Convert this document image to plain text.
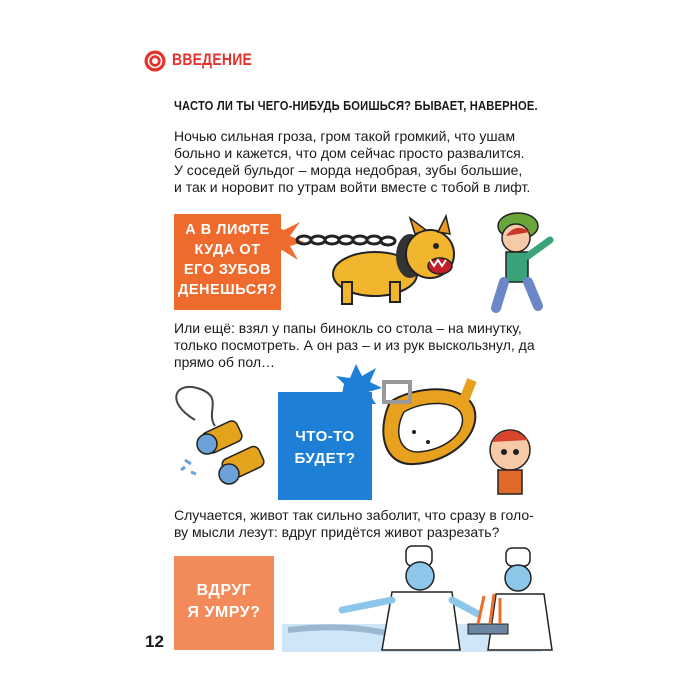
ВВЕДЕНИЕ
ЧАСТО ЛИ ТЫ ЧЕГО-НИБУДЬ БОИШЬСЯ? БЫВАЕТ, НАВЕРНОЕ.

Ночью сильная гроза, гром такой громкий, что ушам

больно и кажется, что дом сейчас просто развалится.

У соседей бульдог – морда недобрая, зубы большие,

и так и норовит по утрам войти вместе с тобой в лифт.

А В ЛИФТЕ
КУДА ОТ
ЕГО ЗУБОВ
ДЕНЕШЬСЯ?

Или ещё: взял у папы бинокль со стола – на минутку,

только посмотреть. А он раз – и из рук выскользнул, да

прямо об пол…

ЧТО-ТО
БУДЕТ?

Случается, живот так сильно заболит, что сразу в голо-

ву мысли лезут: вдруг придётся живот разрезать?

ВДРУГ
Я УМРУ?
12
